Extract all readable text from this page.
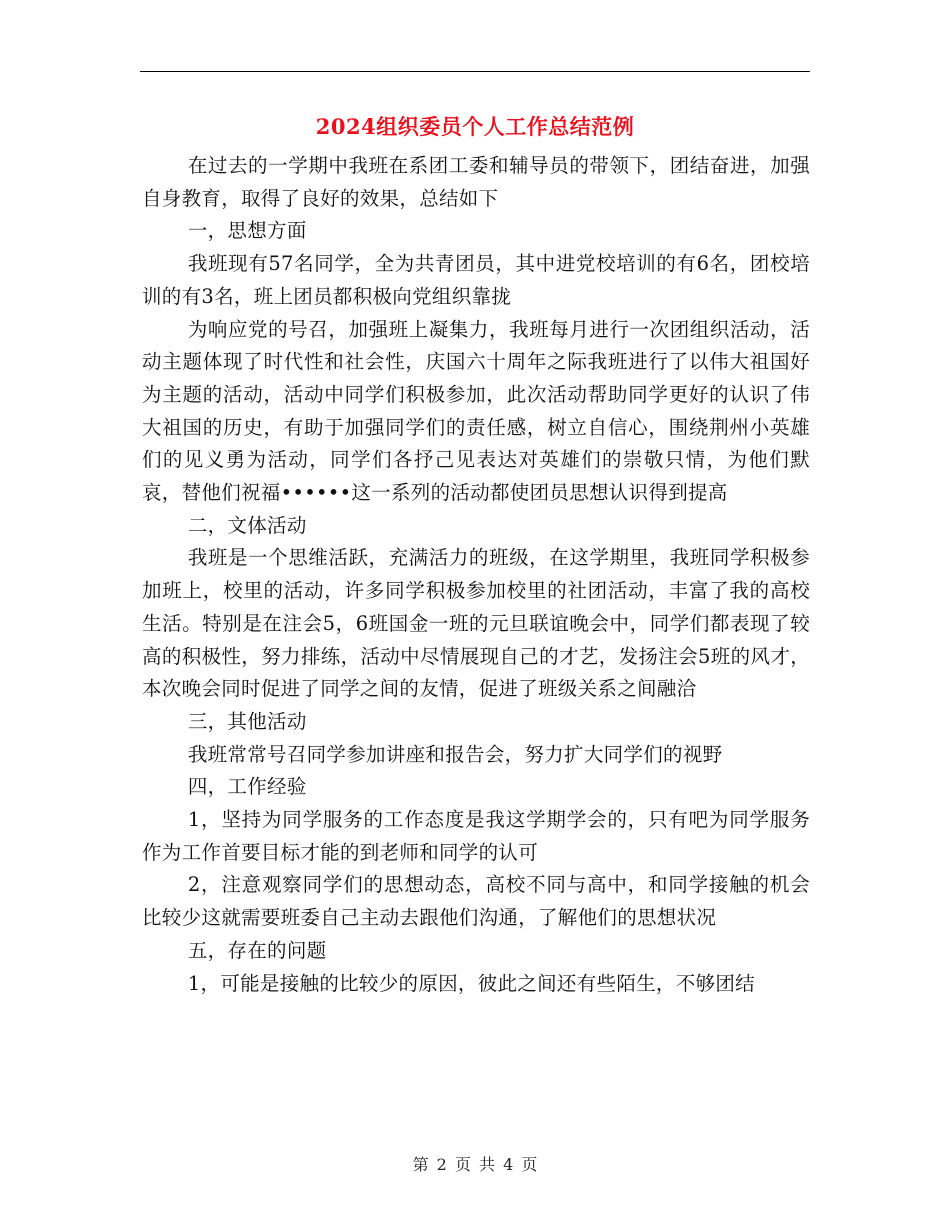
2024组织委员个人工作总结范例

在过去的一学期中我班在系团工委和辅导员的带领下，团结奋进，加强自身教育，取得了良好的效果，总结如下

一，思想方面

我班现有57名同学，全为共青团员，其中进党校培训的有6名，团校培训的有3名，班上团员都积极向党组织靠拢

为响应党的号召，加强班上凝集力，我班每月进行一次团组织活动，活动主题体现了时代性和社会性，庆国六十周年之际我班进行了以伟大祖国好为主题的活动，活动中同学们积极参加，此次活动帮助同学更好的认识了伟大祖国的历史，有助于加强同学们的责任感，树立自信心，围绕荆州小英雄们的见义勇为活动，同学们各抒己见表达对英雄们的崇敬只情，为他们默哀，替他们祝福••••••这一系列的活动都使团员思想认识得到提高

二，文体活动

我班是一个思维活跃，充满活力的班级，在这学期里，我班同学积极参加班上，校里的活动，许多同学积极参加校里的社团活动，丰富了我的高校生活。特别是在注会5，6班国金一班的元旦联谊晚会中，同学们都表现了较高的积极性，努力排练，活动中尽情展现自己的才艺，发扬注会5班的风才，本次晚会同时促进了同学之间的友情，促进了班级关系之间融洽

三，其他活动

我班常常号召同学参加讲座和报告会，努力扩大同学们的视野

四，工作经验

1，坚持为同学服务的工作态度是我这学期学会的，只有吧为同学服务作为工作首要目标才能的到老师和同学的认可

2，注意观察同学们的思想动态，高校不同与高中，和同学接触的机会比较少这就需要班委自己主动去跟他们沟通，了解他们的思想状况

五，存在的问题

1，可能是接触的比较少的原因，彼此之间还有些陌生，不够团结

第 2 页 共 4 页
